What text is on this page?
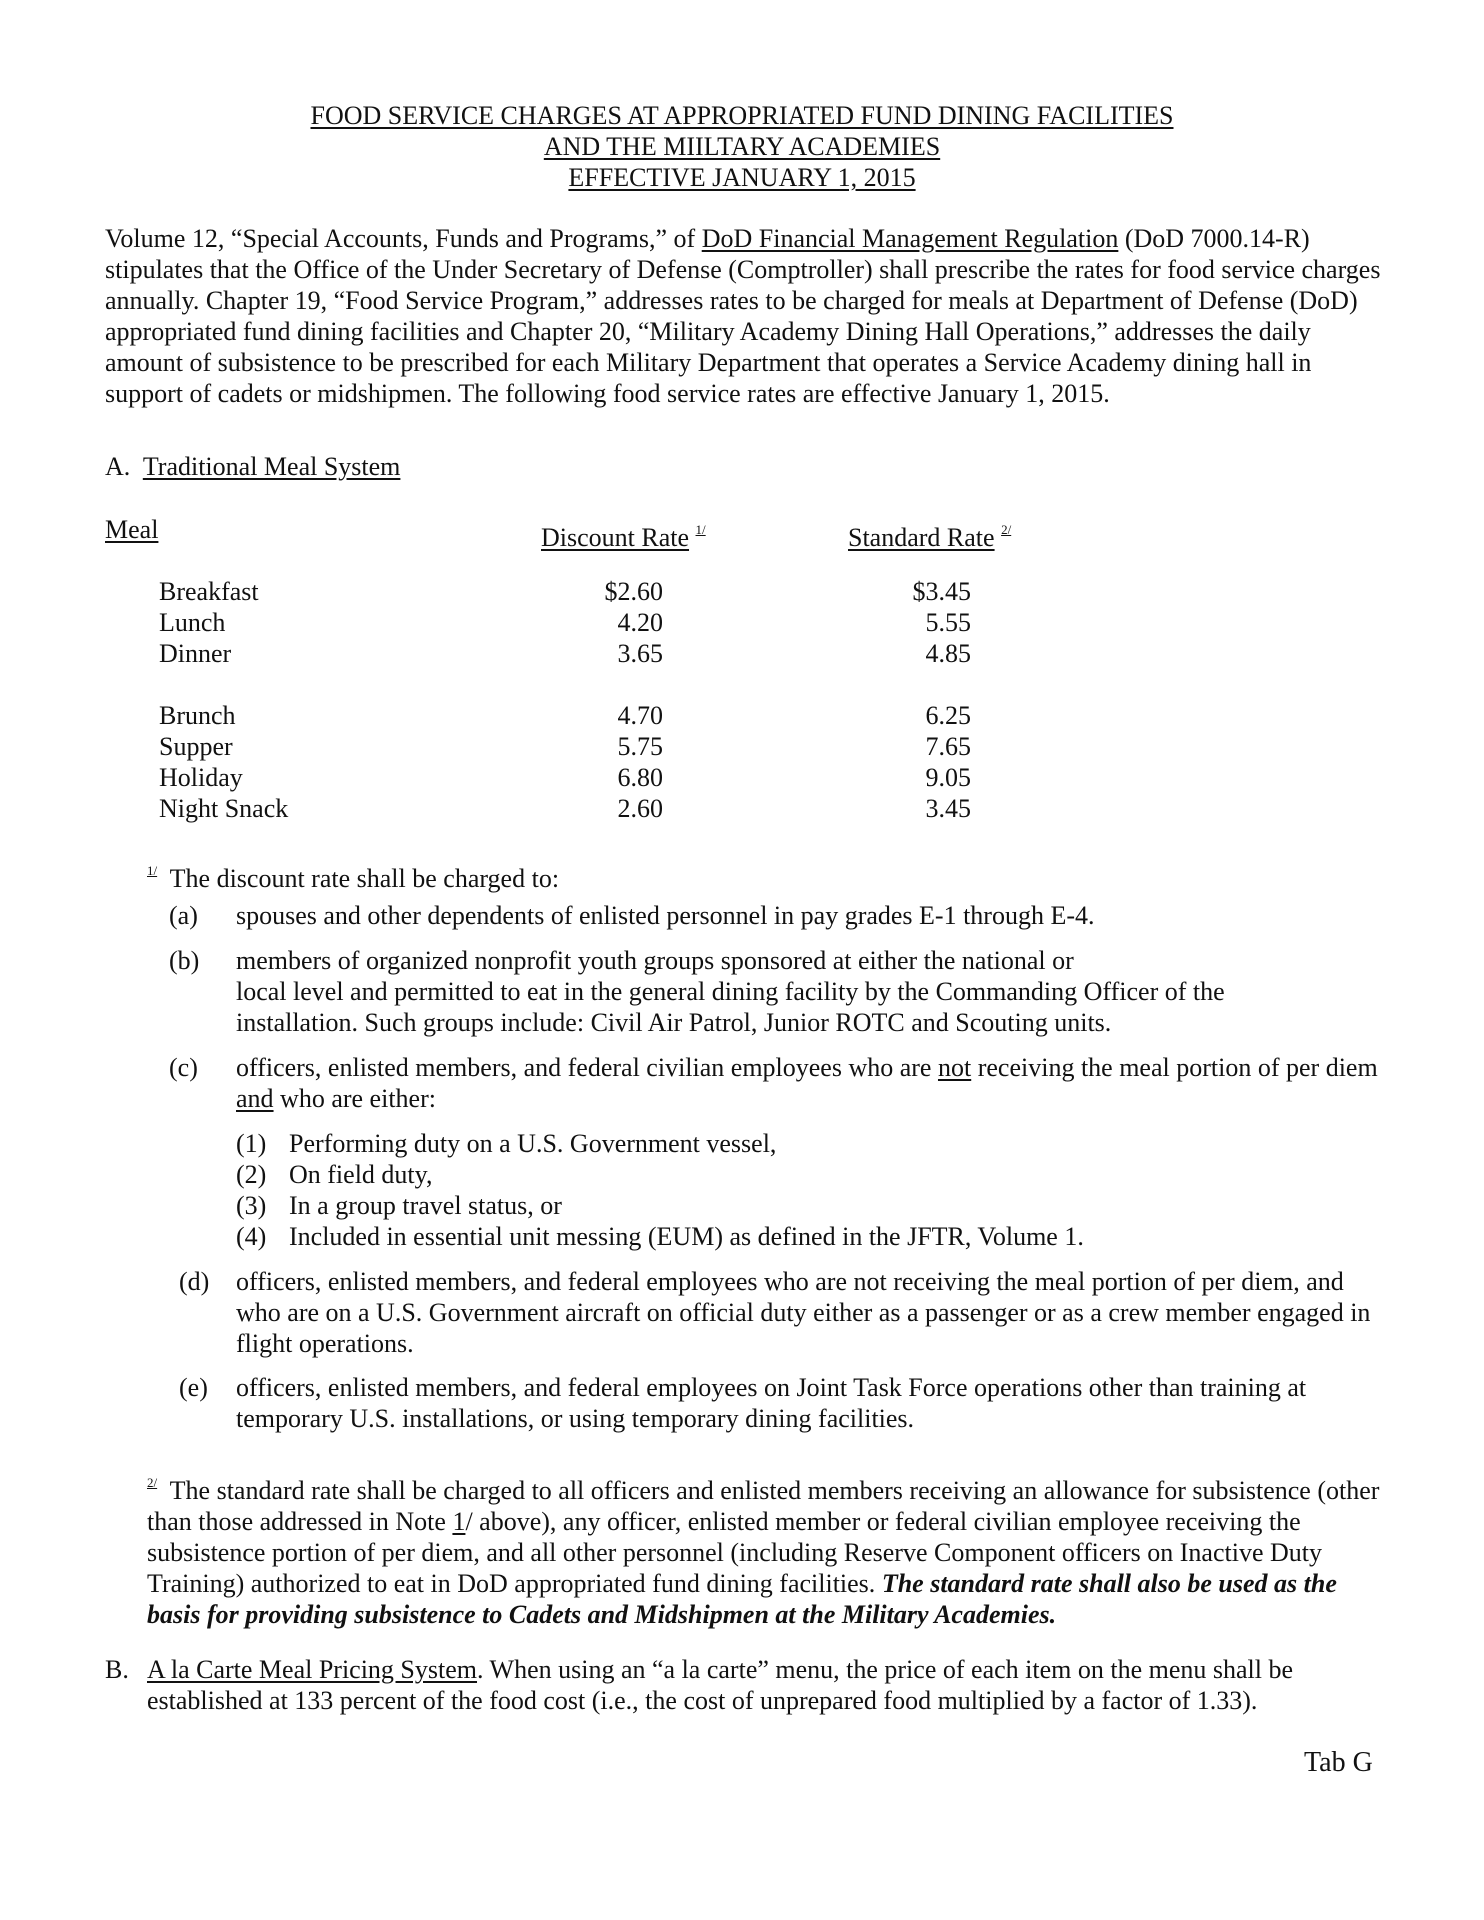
FOOD SERVICE CHARGES AT APPROPRIATED FUND DINING FACILITIES
AND THE MIILTARY ACADEMIES
EFFECTIVE JANUARY 1, 2015
Volume 12, “Special Accounts, Funds and Programs,” of DoD Financial Management Regulation (DoD 7000.14-R) stipulates that the Office of the Under Secretary of Defense (Comptroller) shall prescribe the rates for food service charges annually. Chapter 19, “Food Service Program,” addresses rates to be charged for meals at Department of Defense (DoD) appropriated fund dining facilities and Chapter 20, “Military Academy Dining Hall Operations,” addresses the daily amount of subsistence to be prescribed for each Military Department that operates a Service Academy dining hall in support of cadets or midshipmen. The following food service rates are effective January 1, 2015.
A. Traditional Meal System
Meal	Discount Rate $^{1/}$	Standard Rate $^{2/}$
Breakfast	$2.60	$3.45
Lunch	4.20	5.55
Dinner	3.65	4.85
Brunch	4.70	6.25
Supper	5.75	7.65
Holiday	6.80	9.05
Night Snack	2.60	3.45
$^{1/}$ The discount rate shall be charged to:
(a) spouses and other dependents of enlisted personnel in pay grades E-1 through E-4.
(b) members of organized nonprofit youth groups sponsored at either the national or
local level and permitted to eat in the general dining facility by the Commanding Officer of the
installation. Such groups include: Civil Air Patrol, Junior ROTC and Scouting units.
(c) officers, enlisted members, and federal civilian employees who are not receiving the meal portion of per diem and who are either:
(1) Performing duty on a U.S. Government vessel,
(2) On field duty,
(3) In a group travel status, or
(4) Included in essential unit messing (EUM) as defined in the JFTR, Volume 1.
(d) officers, enlisted members, and federal employees who are not receiving the meal portion of per diem, and who are on a U.S. Government aircraft on official duty either as a passenger or as a crew member engaged in flight operations.
(e) officers, enlisted members, and federal employees on Joint Task Force operations other than training at temporary U.S. installations, or using temporary dining facilities.
$^{2/}$ The standard rate shall be charged to all officers and enlisted members receiving an allowance for subsistence (other than those addressed in Note 1/ above), any officer, enlisted member or federal civilian employee receiving the subsistence portion of per diem, and all other personnel (including Reserve Component officers on Inactive Duty Training) authorized to eat in DoD appropriated fund dining facilities. The standard rate shall also be used as the basis for providing subsistence to Cadets and Midshipmen at the Military Academies.
B. A la Carte Meal Pricing System. When using an “a la carte” menu, the price of each item on the menu shall be established at 133 percent of the food cost (i.e., the cost of unprepared food multiplied by a factor of 1.33).
Tab G
